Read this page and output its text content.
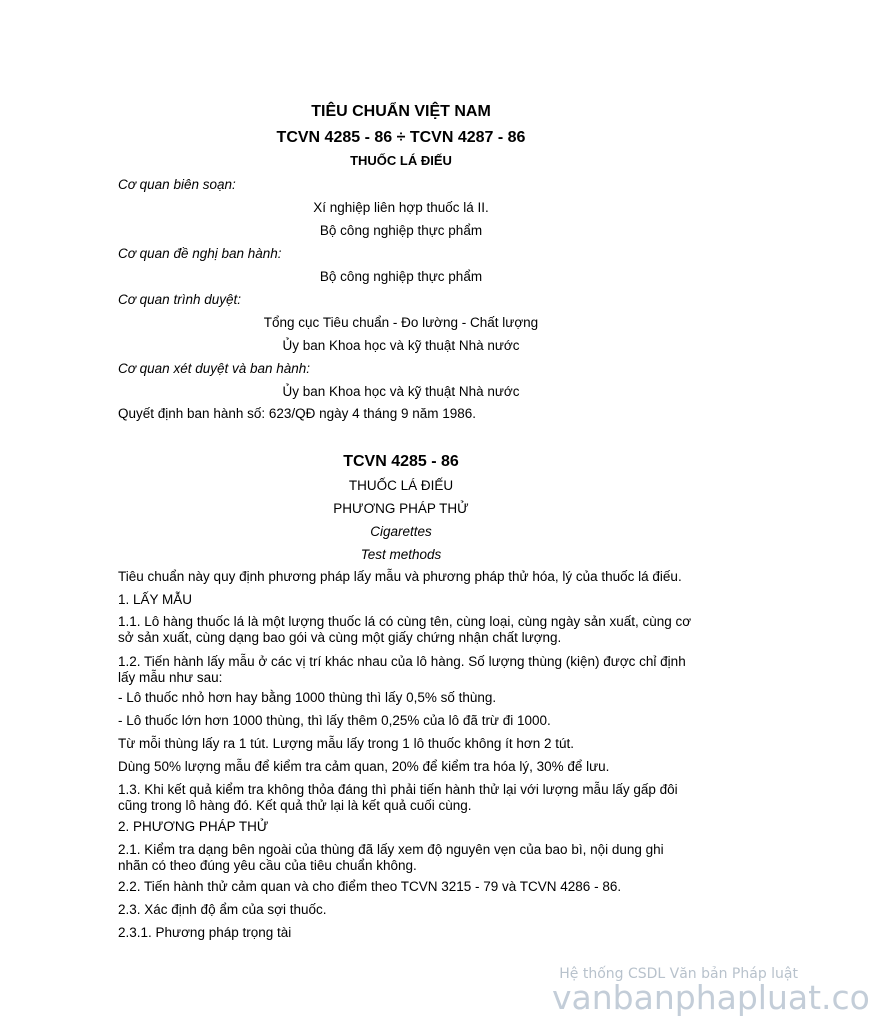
TIÊU CHUẨN VIỆT NAM
TCVN 4285 - 86 ÷ TCVN 4287 - 86
THUỐC LÁ ĐIẾU
Cơ quan biên soạn:
Xí nghiệp liên hợp thuốc lá II.
Bộ công nghiệp thực phẩm
Cơ quan đề nghị ban hành:
Bộ công nghiệp thực phẩm
Cơ quan trình duyệt:
Tổng cục Tiêu chuẩn - Đo lường - Chất lượng
Ủy ban Khoa học và kỹ thuật Nhà nước
Cơ quan xét duyệt và ban hành:
Ủy ban Khoa học và kỹ thuật Nhà nước
Quyết định ban hành số: 623/QĐ ngày 4 tháng 9 năm 1986.
TCVN 4285 - 86
THUỐC LÁ ĐIẾU
PHƯƠNG PHÁP THỬ
Cigarettes
Test methods
Tiêu chuẩn này quy định phương pháp lấy mẫu và phương pháp thử hóa, lý của thuốc lá điếu.
1. LẤY MẪU
1.1. Lô hàng thuốc lá là một lượng thuốc lá có cùng tên, cùng loại, cùng ngày sản xuất, cùng cơ sở sản xuất, cùng dạng bao gói và cùng một giấy chứng nhận chất lượng.
1.2. Tiến hành lấy mẫu ở các vị trí khác nhau của lô hàng. Số lượng thùng (kiện) được chỉ định lấy mẫu như sau:
- Lô thuốc nhỏ hơn hay bằng 1000 thùng thì lấy 0,5% số thùng.
- Lô thuốc lớn hơn 1000 thùng, thì lấy thêm 0,25% của lô đã trừ đi 1000.
Từ mỗi thùng lấy ra 1 tút. Lượng mẫu lấy trong 1 lô thuốc không ít hơn 2 tút.
Dùng 50% lượng mẫu để kiểm tra cảm quan, 20% để kiểm tra hóa lý, 30% để lưu.
1.3. Khi kết quả kiểm tra không thỏa đáng thì phải tiến hành thử lại với lượng mẫu lấy gấp đôi cũng trong lô hàng đó. Kết quả thử lại là kết quả cuối cùng.
2. PHƯƠNG PHÁP THỬ
2.1. Kiểm tra dạng bên ngoài của thùng đã lấy xem độ nguyên vẹn của bao bì, nội dung ghi nhãn có theo đúng yêu cầu của tiêu chuẩn không.
2.2. Tiến hành thử cảm quan và cho điểm theo TCVN 3215 - 79 và TCVN 4286 - 86.
2.3. Xác định độ ẩm của sợi thuốc.
2.3.1. Phương pháp trọng tài
Hệ thống CSDL Văn bản Pháp luật
vanbanphapluat.co
